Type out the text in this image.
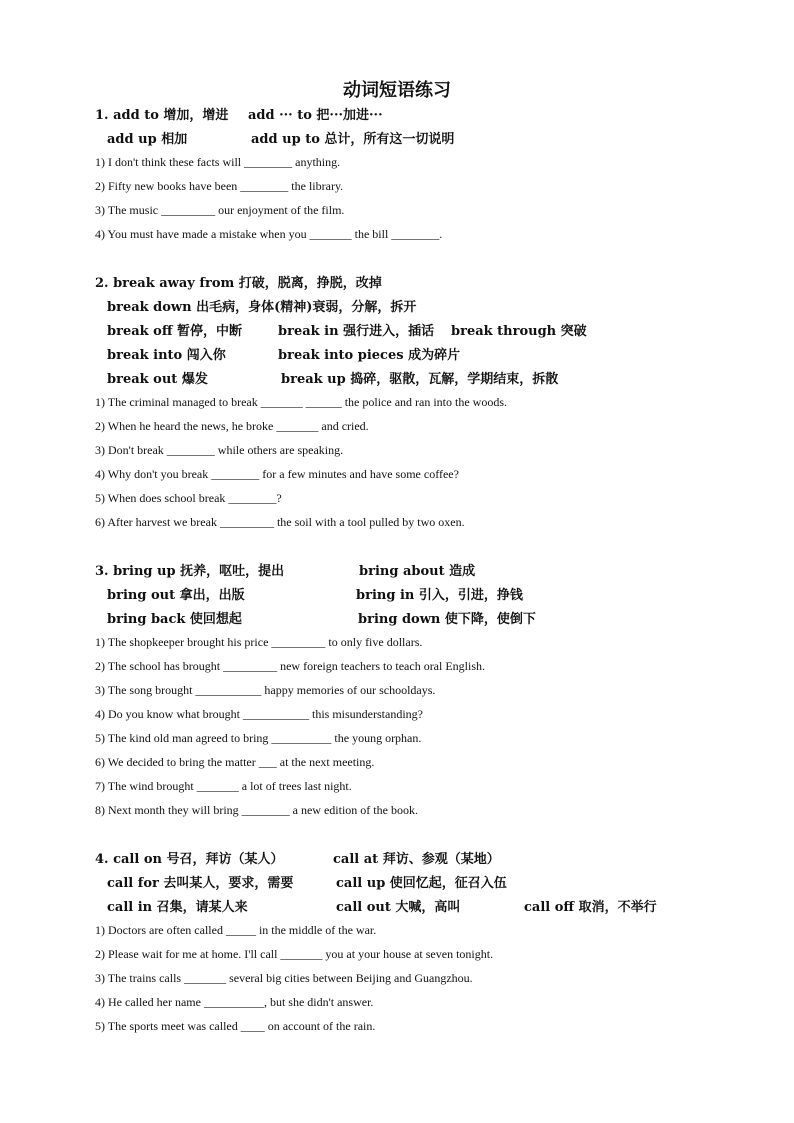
动词短语练习
1. add to 增加，增进 add ··· to 把···加进···
add up 相加	add up to 总计，所有这一切说明
1) I don't think these facts will ________ anything.
2) Fifty new books have been ________ the library.
3) The music _________ our enjoyment of the film.
4) You must have made a mistake when you _______ the bill ________.
2. break away from 打破，脱离，挣脱，改掉
break down 出毛病，身体(精神)衰弱，分解，拆开
break off 暂停，中断	break in 强行进入，插话 break through 突破
break into 闯入你	break into pieces 成为碎片
break out 爆发	break up 捣碎，驱散，瓦解，学期结束，拆散
1) The criminal managed to break _______ ______ the police and ran into the woods.
2) When he heard the news, he broke _______ and cried.
3) Don't break ________ while others are speaking.
4) Why don't you break ________ for a few minutes and have some coffee?
5) When does school break ________?
6) After harvest we break _________ the soil with a tool pulled by two oxen.
3. bring up 抚养，呕吐，提出	bring about 造成
bring out 拿出，出版	bring in 引入，引进，挣钱
bring back 使回想起	bring down 使下降，使倒下
1) The shopkeeper brought his price _________ to only five dollars.
2) The school has brought _________ new foreign teachers to teach oral English.
3) The song brought ___________ happy memories of our schooldays.
4) Do you know what brought ___________ this misunderstanding?
5) The kind old man agreed to bring __________ the young orphan.
6) We decided to bring the matter ___ at the next meeting.
7) The wind brought _______ a lot of trees last night.
8) Next month they will bring ________ a new edition of the book.
4. call on 号召，拜访（某人）	call at 拜访、参观（某地）
call for 去叫某人，要求，需要	call up 使回忆起，征召入伍
call in 召集，请某人来	call out 大喊，高叫	call off 取消，不举行
1) Doctors are often called _____ in the middle of the war.
2) Please wait for me at home. I'll call _______ you at your house at seven tonight.
3) The trains calls _______ several big cities between Beijing and Guangzhou.
4) He called her name __________, but she didn't answer.
5) The sports meet was called ____ on account of the rain.
